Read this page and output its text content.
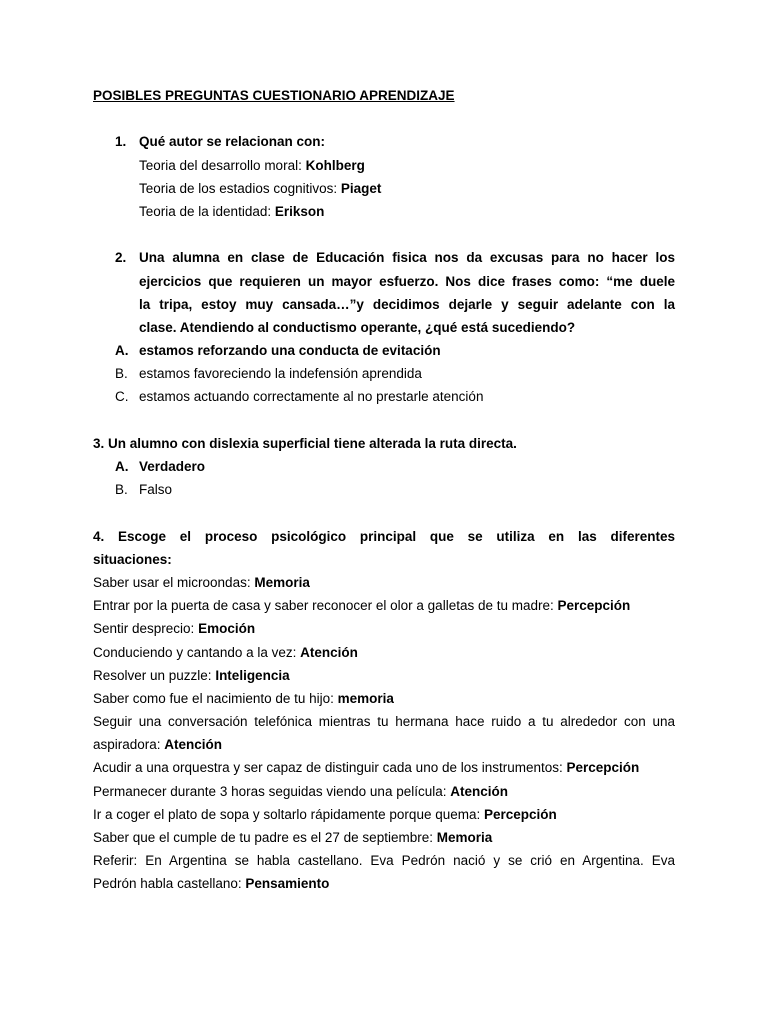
POSIBLES PREGUNTAS CUESTIONARIO APRENDIZAJE
1. Qué autor se relacionan con:
Teoria del desarrollo moral: Kohlberg
Teoria de los estadios cognitivos: Piaget
Teoria de la identidad: Erikson
2. Una alumna en clase de Educación fisica nos da excusas para no hacer los
ejercicios que requieren un mayor esfuerzo. Nos dice frases como: “me duele
la tripa, estoy muy cansada…”y decidimos dejarle y seguir adelante con la
clase. Atendiendo al conductismo operante, ¿qué está sucediendo?
A. estamos reforzando una conducta de evitación
B. estamos favoreciendo la indefensión aprendida
C. estamos actuando correctamente al no prestarle atención
3. Un alumno con dislexia superficial tiene alterada la ruta directa.
A. Verdadero
B. Falso
4. Escoge el proceso psicológico principal que se utiliza en las diferentes
situaciones:
Saber usar el microondas: Memoria
Entrar por la puerta de casa y saber reconocer el olor a galletas de tu madre: Percepción
Sentir desprecio: Emoción
Conduciendo y cantando a la vez: Atención
Resolver un puzzle: Inteligencia
Saber como fue el nacimiento de tu hijo: memoria
Seguir una conversación telefónica mientras tu hermana hace ruido a tu alrededor con una
aspiradora: Atención
Acudir a una orquestra y ser capaz de distinguir cada uno de los instrumentos: Percepción
Permanecer durante 3 horas seguidas viendo una película: Atención
Ir a coger el plato de sopa y soltarlo rápidamente porque quema: Percepción
Saber que el cumple de tu padre es el 27 de septiembre: Memoria
Referir: En Argentina se habla castellano. Eva Pedrón nació y se crió en Argentina. Eva
Pedrón habla castellano: Pensamiento
